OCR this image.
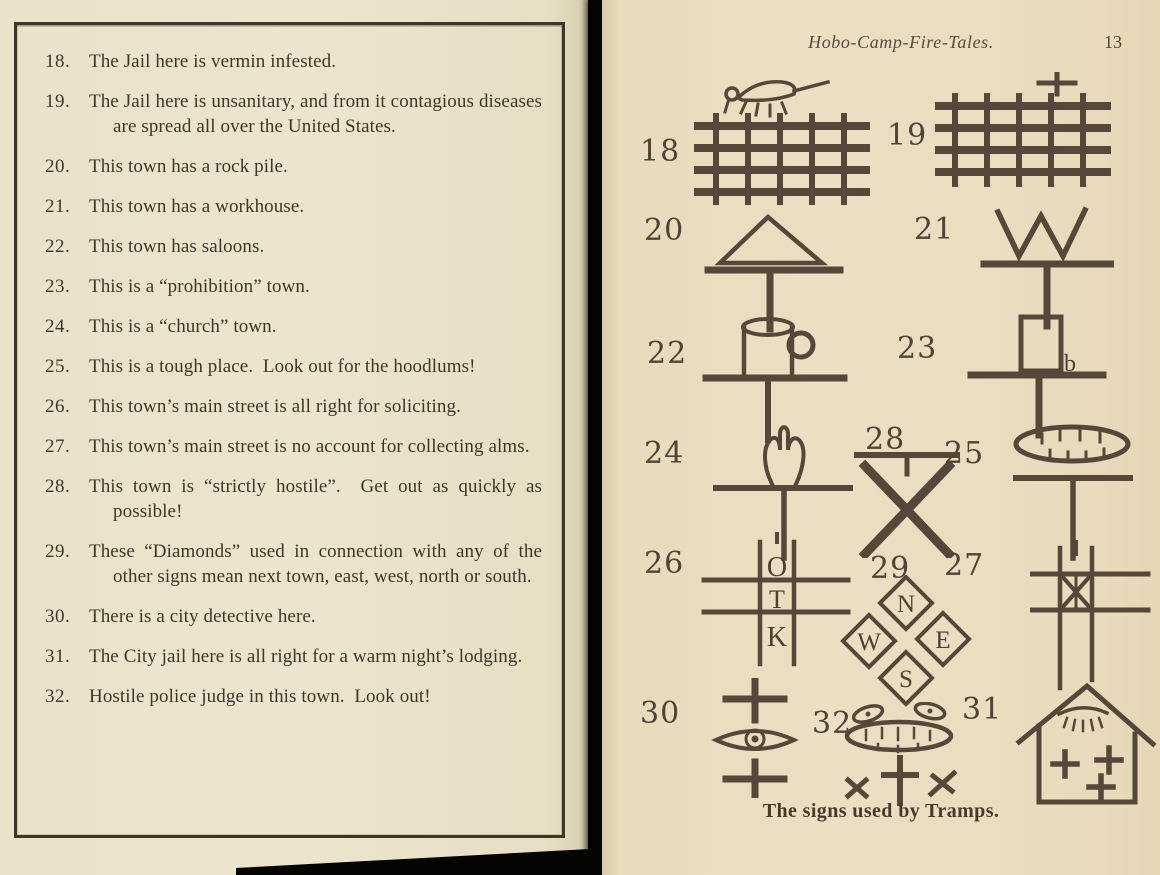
18. The Jail here is vermin infested.
19. The Jail here is unsanitary, and from it contagious diseases are spread all over the United States.
20. This town has a rock pile.
21. This town has a workhouse.
22. This town has saloons.
23. This is a “prohibition” town.
24. This is a “church” town.
25. This is a tough place.  Look out for the hoodlums!
26. This town’s main street is all right for soliciting.
27. This town’s main street is no account for collecting alms.
28. This town is “strictly hostile”.  Get out as quickly as possible!
29. These “Diamonds” used in connection with any of the other signs mean next town, east, west, north or south.
30. There is a city detective here.
31. The City jail here is all right for a warm night’s lodging.
32. Hostile police judge in this town.  Look out!
Hobo-Camp-Fire-Tales.	13
18	19
20	21
22	23	b
24	28 25
26	O
T
K
29
N
W E
S
27
30	32	31
The signs used by Tramps.
